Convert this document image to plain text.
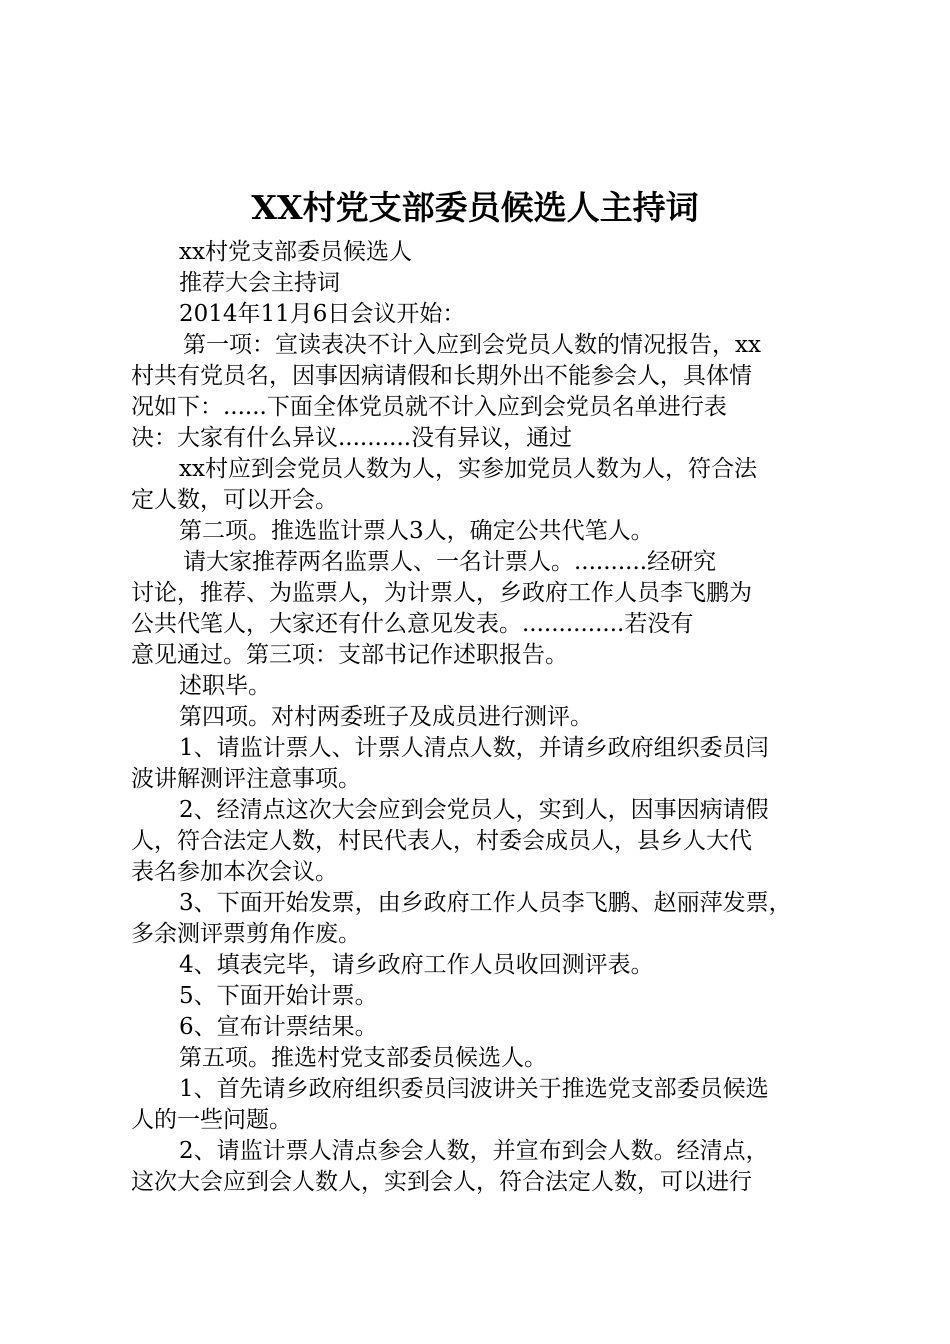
XX村党支部委员候选人主持词
xx村党支部委员候选人
推荐大会主持词
2014年11月6日会议开始：
第一项：宣读表决不计入应到会党员人数的情况报告，xx
村共有党员名，因事因病请假和长期外出不能参会人，具体情
况如下：......下面全体党员就不计入应到会党员名单进行表
决：大家有什么异议..........没有异议，通过
xx村应到会党员人数为人，实参加党员人数为人，符合法
定人数，可以开会。
第二项。推选监计票人3人，确定公共代笔人。
请大家推荐两名监票人、一名计票人。..........经研究
讨论，推荐、为监票人，为计票人，乡政府工作人员李飞鹏为
公共代笔人，大家还有什么意见发表。..............若没有
意见通过。第三项：支部书记作述职报告。
述职毕。
第四项。对村两委班子及成员进行测评。
1、请监计票人、计票人清点人数，并请乡政府组织委员闫
波讲解测评注意事项。
2、经清点这次大会应到会党员人，实到人，因事因病请假
人，符合法定人数，村民代表人，村委会成员人，县乡人大代
表名参加本次会议。
3、下面开始发票，由乡政府工作人员李飞鹏、赵丽萍发票，
多余测评票剪角作废。
4、填表完毕，请乡政府工作人员收回测评表。
5、下面开始计票。
6、宣布计票结果。
第五项。推选村党支部委员候选人。
1、首先请乡政府组织委员闫波讲关于推选党支部委员候选
人的一些问题。
2、请监计票人清点参会人数，并宣布到会人数。经清点，
这次大会应到会人数人，实到会人，符合法定人数，可以进行
